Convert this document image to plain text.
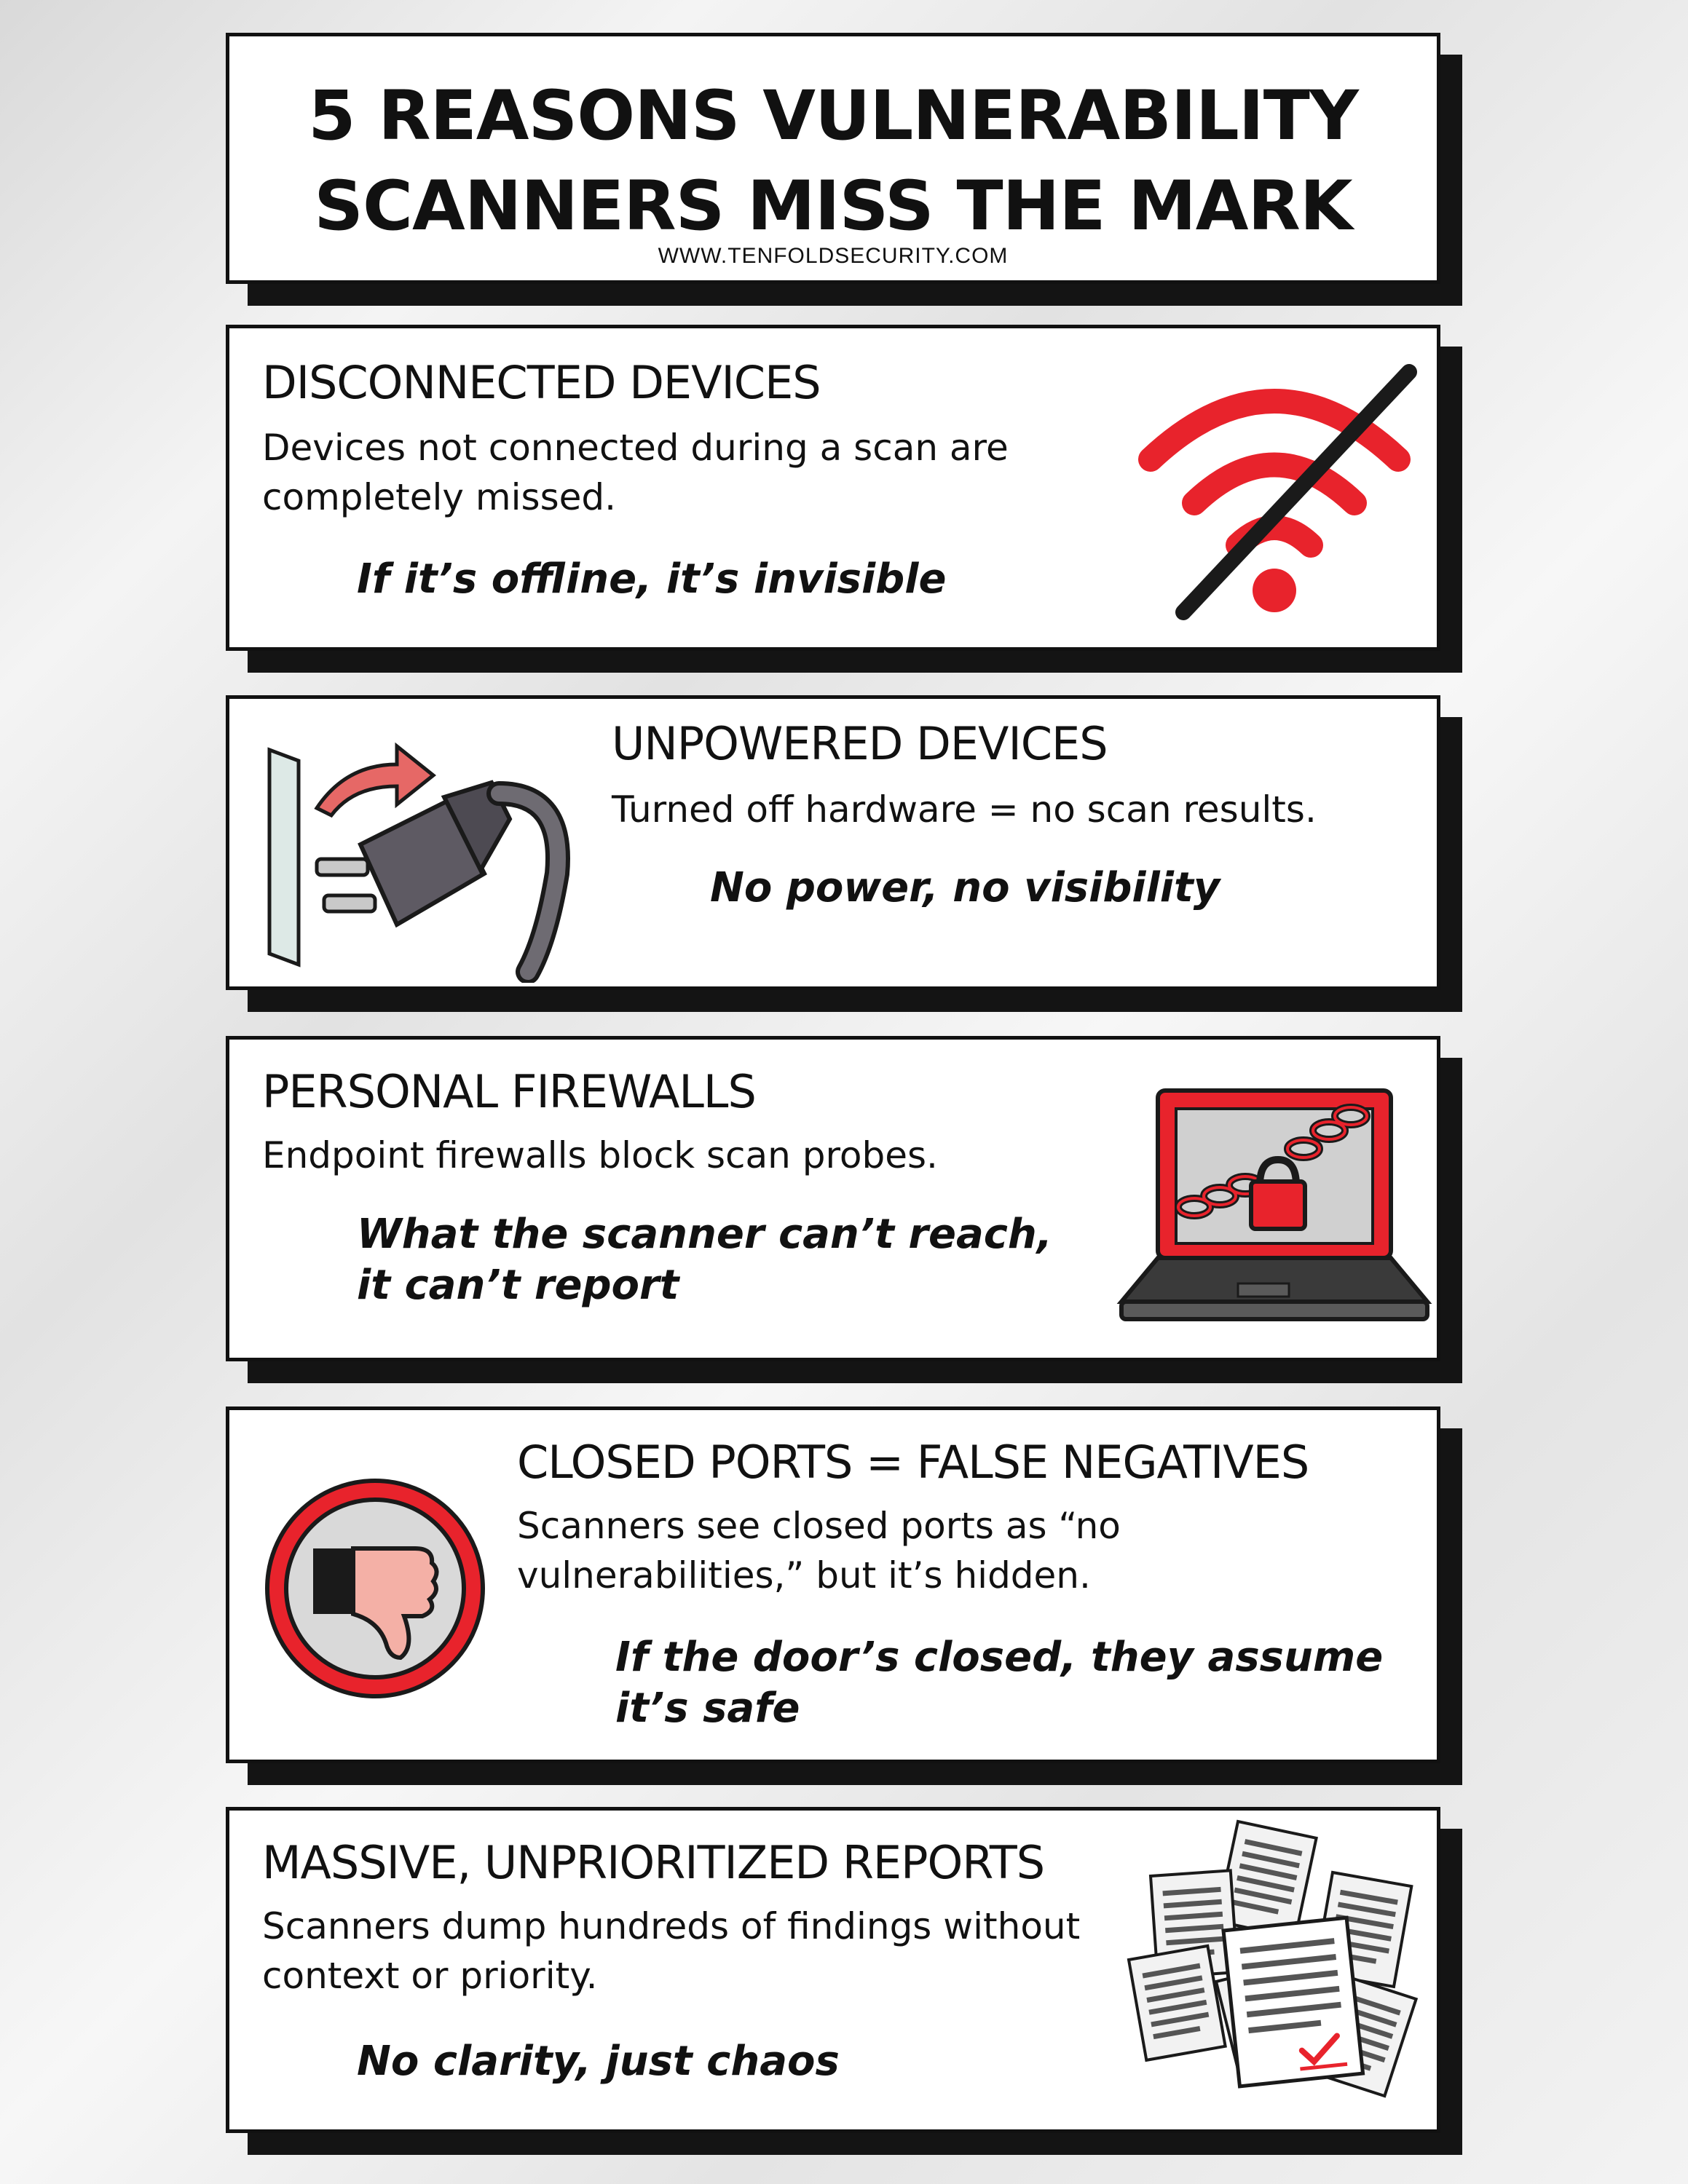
5 REASONS VULNERABILITY
SCANNERS MISS THE MARK
WWW.TENFOLDSECURITY.COM
DISCONNECTED DEVICES
Devices not connected during a scan are
completely missed.
If it’s offline, it’s invisible
UNPOWERED DEVICES
Turned off hardware = no scan results.
No power, no visibility
PERSONAL FIREWALLS
Endpoint firewalls block scan probes.
What the scanner can’t reach,
it can’t report
CLOSED PORTS = FALSE NEGATIVES
Scanners see closed ports as “no
vulnerabilities,” but it’s hidden.
If the door’s closed, they assume
it’s safe
MASSIVE, UNPRIORITIZED REPORTS
Scanners dump hundreds of findings without
context or priority.
No clarity, just chaos
